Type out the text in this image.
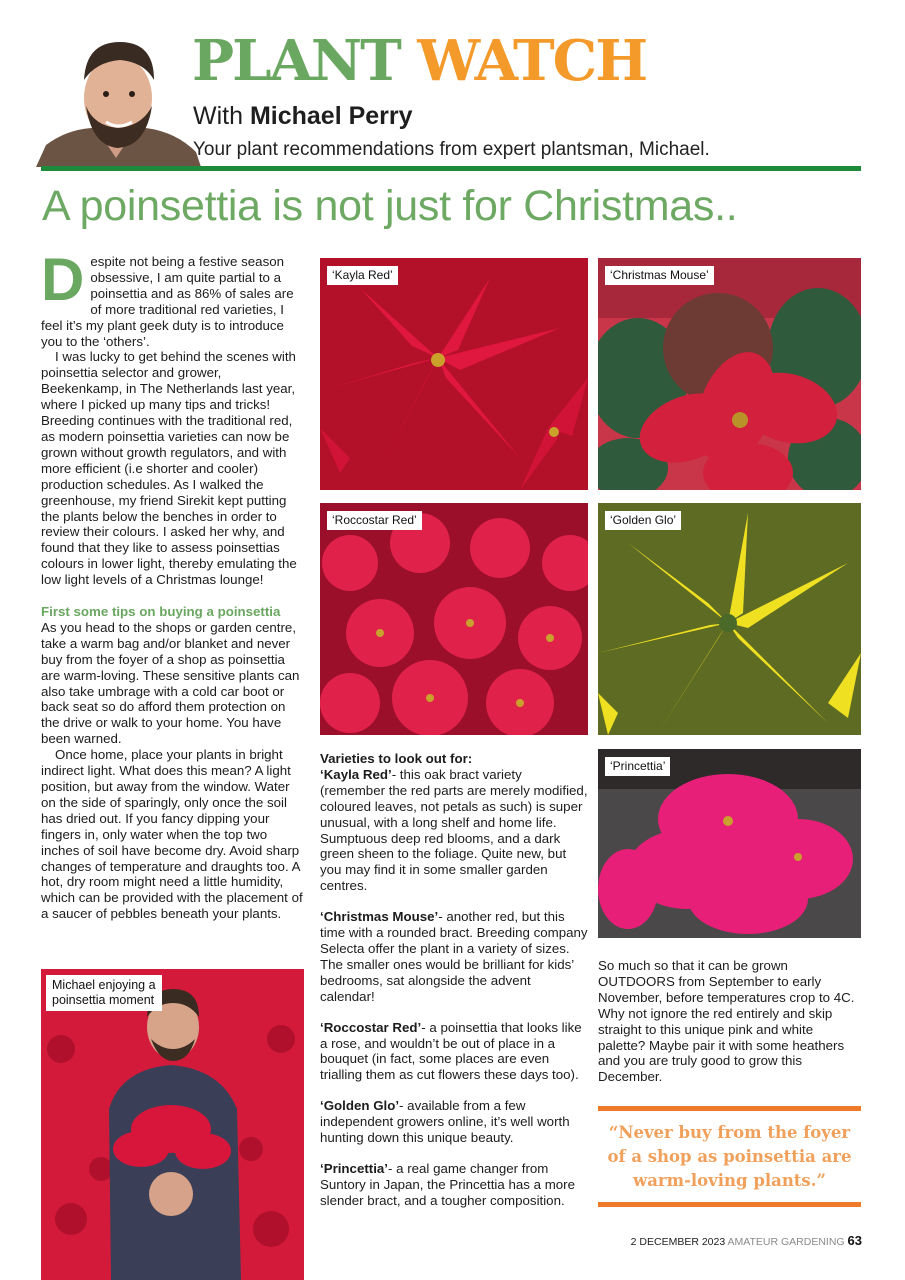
PLANT WATCH
With Michael Perry
Your plant recommendations from expert plantsman, Michael.
A poinsettia is not just for Christmas..

Despite not being a festive season obsessive, I am quite partial to a poinsettia and as 86% of sales are of more traditional red varieties, I feel it’s my plant geek duty is to introduce you to the ‘others’.

I was lucky to get behind the scenes with poinsettia selector and grower, Beekenkamp, in The Netherlands last year, where I picked up many tips and tricks! Breeding continues with the traditional red, as modern poinsettia varieties can now be grown without growth regulators, and with more efficient (i.e shorter and cooler) production schedules. As I walked the greenhouse, my friend Sirekit kept putting the plants below the benches in order to review their colours. I asked her why, and found that they like to assess poinsettias colours in lower light, thereby emulating the low light levels of a Christmas lounge!

First some tips on buying a poinsettia

As you head to the shops or garden centre, take a warm bag and/or blanket and never buy from the foyer of a shop as poinsettia are warm-loving. These sensitive plants can also take umbrage with a cold car boot or back seat so do afford them protection on the drive or walk to your home. You have been warned.

Once home, place your plants in bright indirect light. What does this mean? A light position, but away from the window. Water on the side of sparingly, only once the soil has dried out. If you fancy dipping your fingers in, only water when the top two inches of soil have become dry. Avoid sharp changes of temperature and draughts too. A hot, dry room might need a little humidity, which can be provided with the placement of a saucer of pebbles beneath your plants.

Varieties to look out for:

‘Kayla Red’- this oak bract variety (remember the red parts are merely modified, coloured leaves, not petals as such) is super unusual, with a long shelf and home life. Sumptuous deep red blooms, and a dark green sheen to the foliage. Quite new, but you may find it in some smaller garden centres.

‘Christmas Mouse’- another red, but this time with a rounded bract. Breeding company Selecta offer the plant in a variety of sizes. The smaller ones would be brilliant for kids’ bedrooms, sat alongside the advent calendar!

‘Roccostar Red’- a poinsettia that looks like a rose, and wouldn’t be out of place in a bouquet (in fact, some places are even trialling them as cut flowers these days too).

‘Golden Glo’- available from a few independent growers online, it’s well worth hunting down this unique beauty.

‘Princettia’- a real game changer from Suntory in Japan, the Princettia has a more slender bract, and a tougher composition.

So much so that it can be grown OUTDOORS from September to early November, before temperatures crop to 4C. Why not ignore the red entirely and skip straight to this unique pink and white palette? Maybe pair it with some heathers and you are truly good to grow this December.

‘Kayla Red’	‘Christmas Mouse’
‘Roccostar Red’	‘Golden Glo’
‘Princettia’
Michael enjoying a
poinsettia moment
“Never buy from the foyer
of a shop as poinsettia are
warm-loving plants.”
2 DECEMBER 2023 AMATEUR GARDENING 63
